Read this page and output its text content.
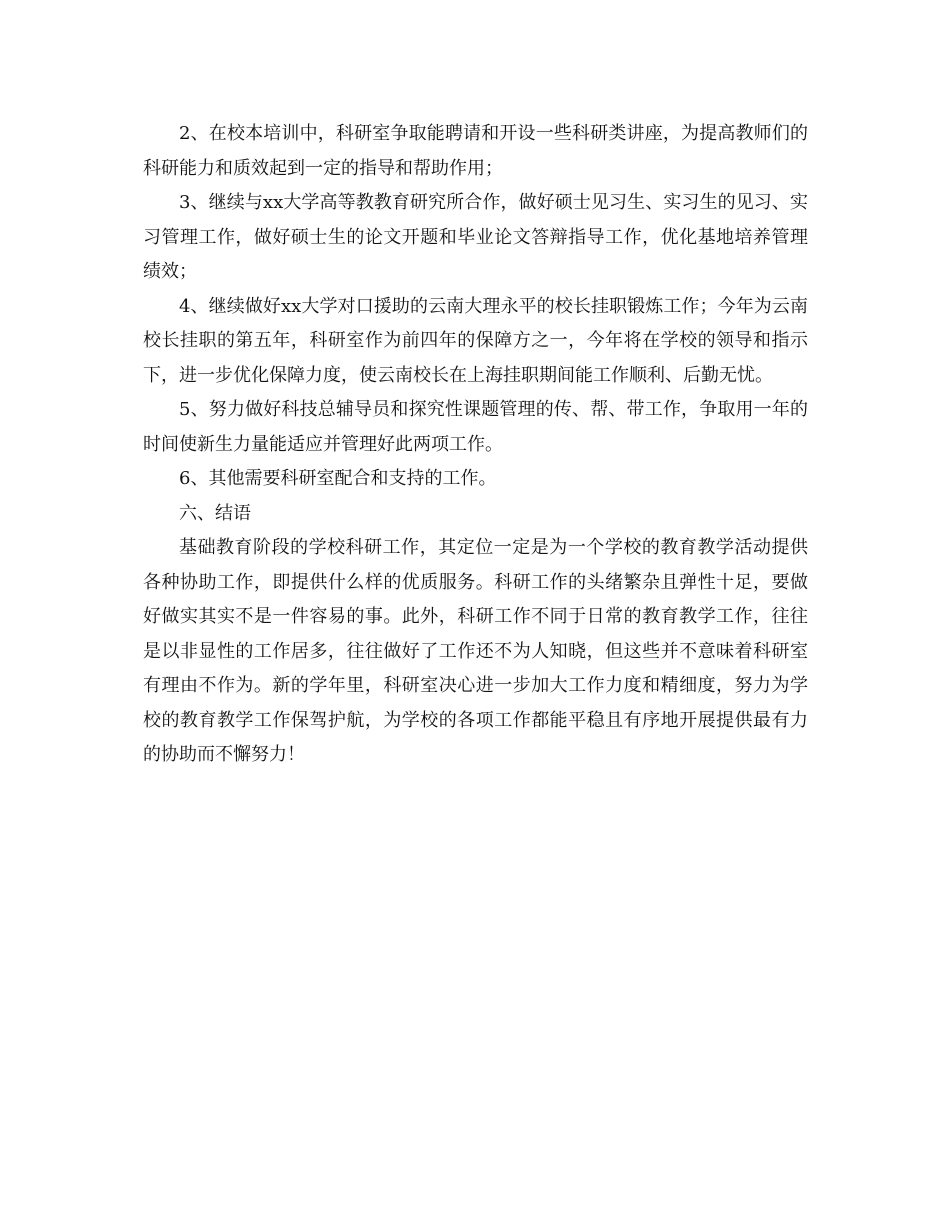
2、在校本培训中，科研室争取能聘请和开设一些科研类讲座，为提高教师们的科研能力和质效起到一定的指导和帮助作用；

3、继续与xx大学高等教教育研究所合作，做好硕士见习生、实习生的见习、实习管理工作，做好硕士生的论文开题和毕业论文答辩指导工作，优化基地培养管理绩效；

4、继续做好xx大学对口援助的云南大理永平的校长挂职锻炼工作；今年为云南校长挂职的第五年，科研室作为前四年的保障方之一，今年将在学校的领导和指示下，进一步优化保障力度，使云南校长在上海挂职期间能工作顺利、后勤无忧。

5、努力做好科技总辅导员和探究性课题管理的传、帮、带工作，争取用一年的时间使新生力量能适应并管理好此两项工作。

6、其他需要科研室配合和支持的工作。

六、结语

基础教育阶段的学校科研工作，其定位一定是为一个学校的教育教学活动提供各种协助工作，即提供什么样的优质服务。科研工作的头绪繁杂且弹性十足，要做好做实其实不是一件容易的事。此外，科研工作不同于日常的教育教学工作，往往是以非显性的工作居多，往往做好了工作还不为人知晓，但这些并不意味着科研室有理由不作为。新的学年里，科研室决心进一步加大工作力度和精细度，努力为学校的教育教学工作保驾护航，为学校的各项工作都能平稳且有序地开展提供最有力的协助而不懈努力！
